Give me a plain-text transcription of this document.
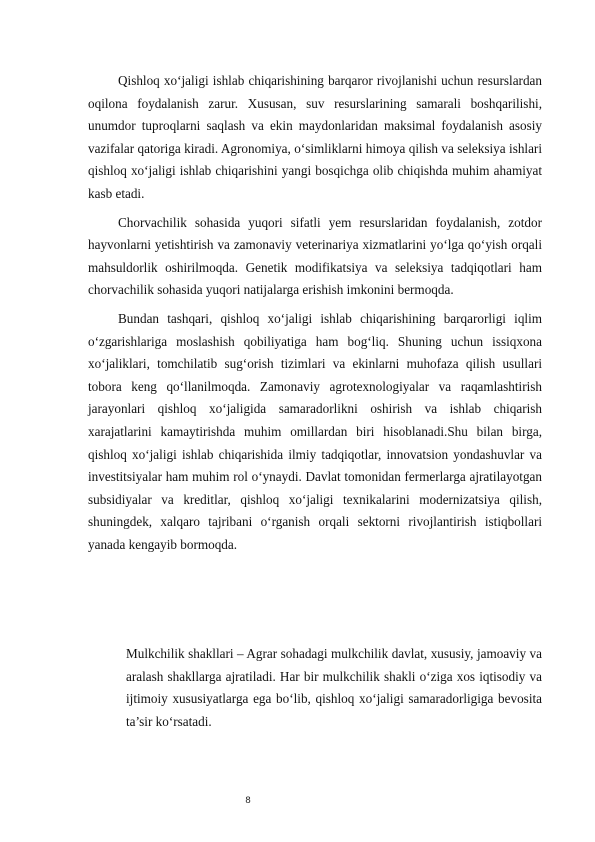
Qishloq xo‘jaligi ishlab chiqarishining barqaror rivojlanishi uchun resurslardan oqilona foydalanish zarur. Xususan, suv resurslarining samarali boshqarilishi, unumdor tuproqlarni saqlash va ekin maydonlaridan maksimal foydalanish asosiy vazifalar qatoriga kiradi. Agronomiya, o‘simliklarni himoya qilish va seleksiya ishlari qishloq xo‘jaligi ishlab chiqarishini yangi bosqichga olib chiqishda muhim ahamiyat kasb etadi.

Chorvachilik sohasida yuqori sifatli yem resurslaridan foydalanish, zotdor hayvonlarni yetishtirish va zamonaviy veterinariya xizmatlarini yo‘lga qo‘yish orqali mahsuldorlik oshirilmoqda. Genetik modifikatsiya va seleksiya tadqiqotlari ham chorvachilik sohasida yuqori natijalarga erishish imkonini bermoqda.

Bundan tashqari, qishloq xo‘jaligi ishlab chiqarishining barqarorligi iqlim o‘zgarishlariga moslashish qobiliyatiga ham bog‘liq. Shuning uchun issiqxona xo‘jaliklari, tomchilatib sug‘orish tizimlari va ekinlarni muhofaza qilish usullari tobora keng qo‘llanilmoqda. Zamonaviy agrotexnologiyalar va raqamlashtirish jarayonlari qishloq xo‘jaligida samaradorlikni oshirish va ishlab chiqarish xarajatlarini kamaytirishda muhim omillardan biri hisoblanadi.Shu bilan birga, qishloq xo‘jaligi ishlab chiqarishida ilmiy tadqiqotlar, innovatsion yondashuvlar va investitsiyalar ham muhim rol o‘ynaydi. Davlat tomonidan fermerlarga ajratilayotgan subsidiyalar va kreditlar, qishloq xo‘jaligi texnikalarini modernizatsiya qilish, shuningdek, xalqaro tajribani o‘rganish orqali sektorni rivojlantirish istiqbollari yanada kengayib bormoqda.

Mulkchilik shakllari – Agrar sohadagi mulkchilik davlat, xususiy, jamoaviy va aralash shakllarga ajratiladi. Har bir mulkchilik shakli o‘ziga xos iqtisodiy va ijtimoiy xususiyatlarga ega bo‘lib, qishloq xo‘jaligi samaradorligiga bevosita ta’sir ko‘rsatadi.

8
